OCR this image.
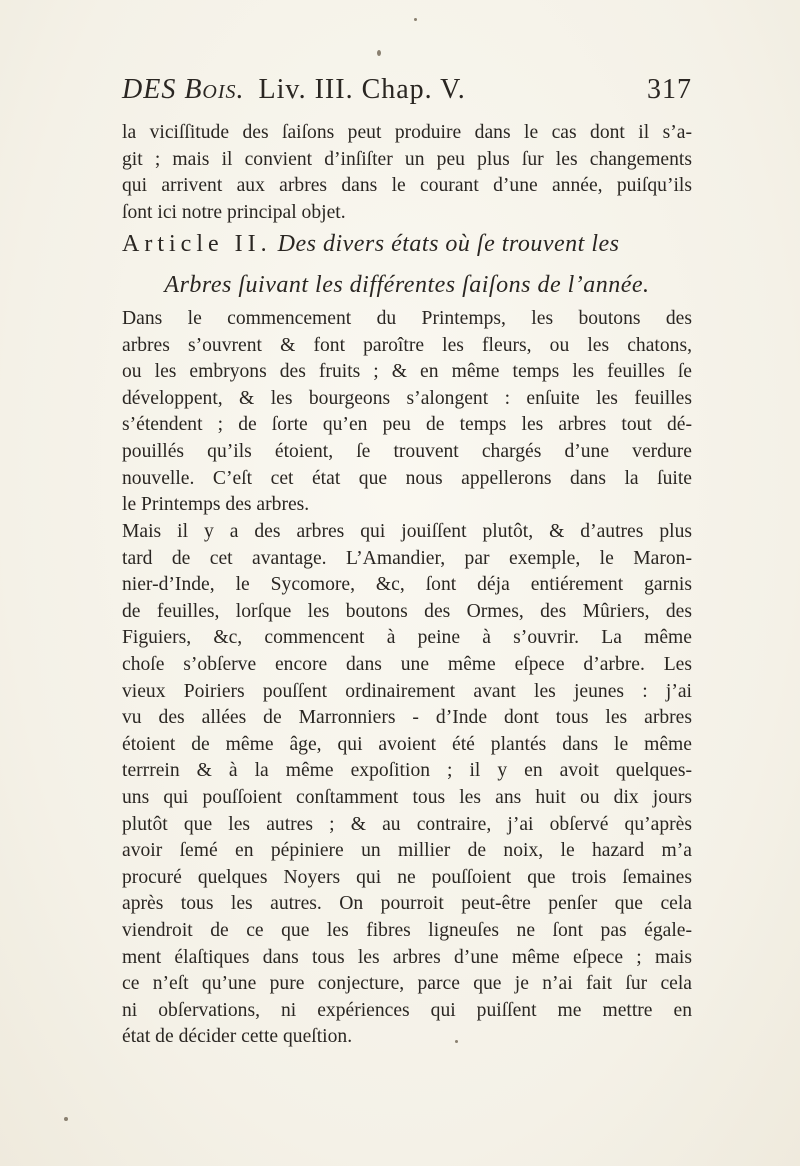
DES Bois. Liv. III. Chap. V.	317
la viciſſitude des ſaiſons peut produire dans le cas dont il s’a-
git ; mais il convient d’inſiſter un peu plus ſur les changements
qui arrivent aux arbres dans le courant d’une année, puiſqu’ils
ſont ici notre principal objet.
Article II. Des divers états où ſe trouvent les
Arbres ſuivant les différentes ſaiſons de l’année.
Dans le commencement du Printemps, les boutons des
arbres s’ouvrent & font paroître les fleurs, ou les chatons,
ou les embryons des fruits ; & en même temps les feuilles ſe
développent, & les bourgeons s’alongent : enſuite les feuilles
s’étendent ; de ſorte qu’en peu de temps les arbres tout dé-
pouillés qu’ils étoient, ſe trouvent chargés d’une verdure
nouvelle. C’eſt cet état que nous appellerons dans la ſuite
le Printemps des arbres.
Mais il y a des arbres qui jouiſſent plutôt, & d’autres plus
tard de cet avantage. L’Amandier, par exemple, le Maron-
nier-d’Inde, le Sycomore, &c, ſont déja entiérement garnis
de feuilles, lorſque les boutons des Ormes, des Mûriers, des
Figuiers, &c, commencent à peine à s’ouvrir. La même
choſe s’obſerve encore dans une même eſpece d’arbre. Les
vieux Poiriers pouſſent ordinairement avant les jeunes : j’ai
vu des allées de Marronniers - d’Inde dont tous les arbres
étoient de même âge, qui avoient été plantés dans le même
terrrein & à la même expoſition ; il y en avoit quelques-
uns qui pouſſoient conſtamment tous les ans huit ou dix jours
plutôt que les autres ; & au contraire, j’ai obſervé qu’après
avoir ſemé en pépiniere un millier de noix, le hazard m’a
procuré quelques Noyers qui ne pouſſoient que trois ſemaines
après tous les autres. On pourroit peut-être penſer que cela
viendroit de ce que les fibres ligneuſes ne ſont pas égale-
ment élaſtiques dans tous les arbres d’une même eſpece ; mais
ce n’eſt qu’une pure conjecture, parce que je n’ai fait ſur cela
ni obſervations, ni expériences qui puiſſent me mettre en
état de décider cette queſtion.
